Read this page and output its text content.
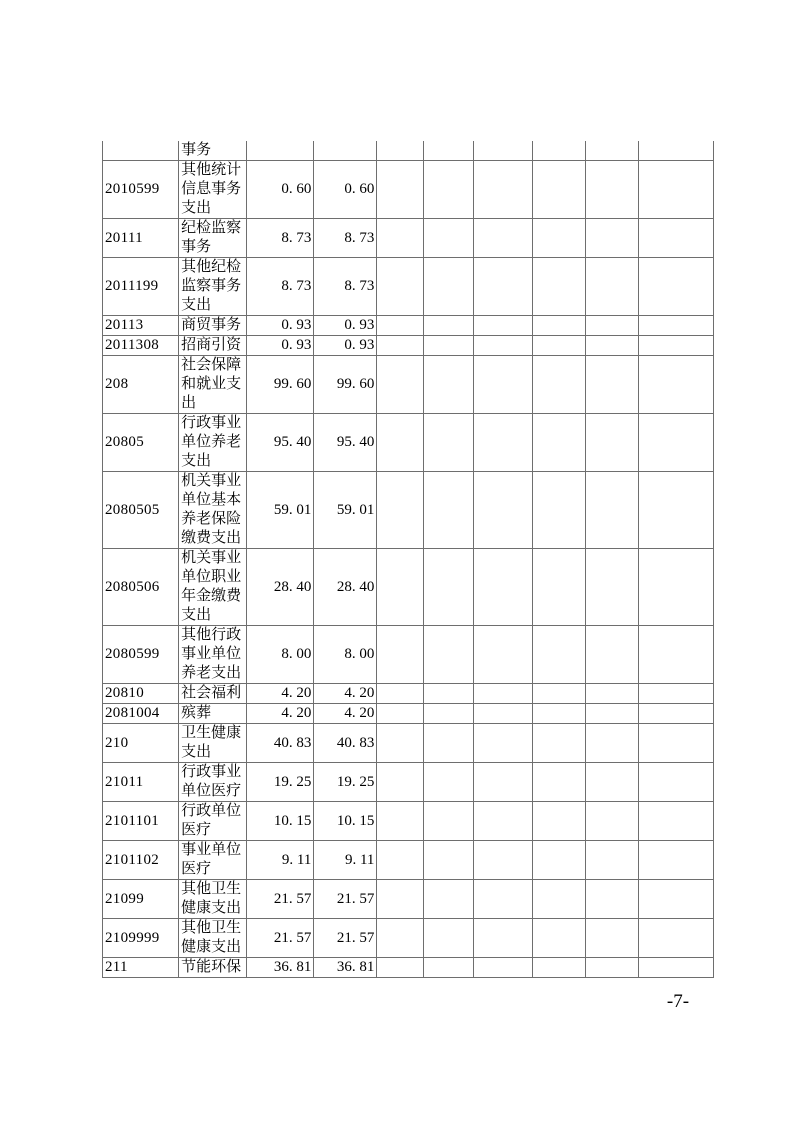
	事务								
2010599	其他统计信息事务支出	0. 60	0. 60						
20111	纪检监察事务	8. 73	8. 73						
2011199	其他纪检监察事务支出	8. 73	8. 73						
20113	商贸事务	0. 93	0. 93						
2011308	招商引资	0. 93	0. 93						
208	社会保障和就业支出	99. 60	99. 60						
20805	行政事业单位养老支出	95. 40	95. 40						
2080505	机关事业单位基本养老保险缴费支出	59. 01	59. 01						
2080506	机关事业单位职业年金缴费支出	28. 40	28. 40						
2080599	其他行政事业单位养老支出	8. 00	8. 00						
20810	社会福利	4. 20	4. 20						
2081004	殡葬	4. 20	4. 20						
210	卫生健康支出	40. 83	40. 83						
21011	行政事业单位医疗	19. 25	19. 25						
2101101	行政单位医疗	10. 15	10. 15						
2101102	事业单位医疗	9. 11	9. 11						
21099	其他卫生健康支出	21. 57	21. 57						
2109999	其他卫生健康支出	21. 57	21. 57						
211	节能环保	36. 81	36. 81						
-7-
